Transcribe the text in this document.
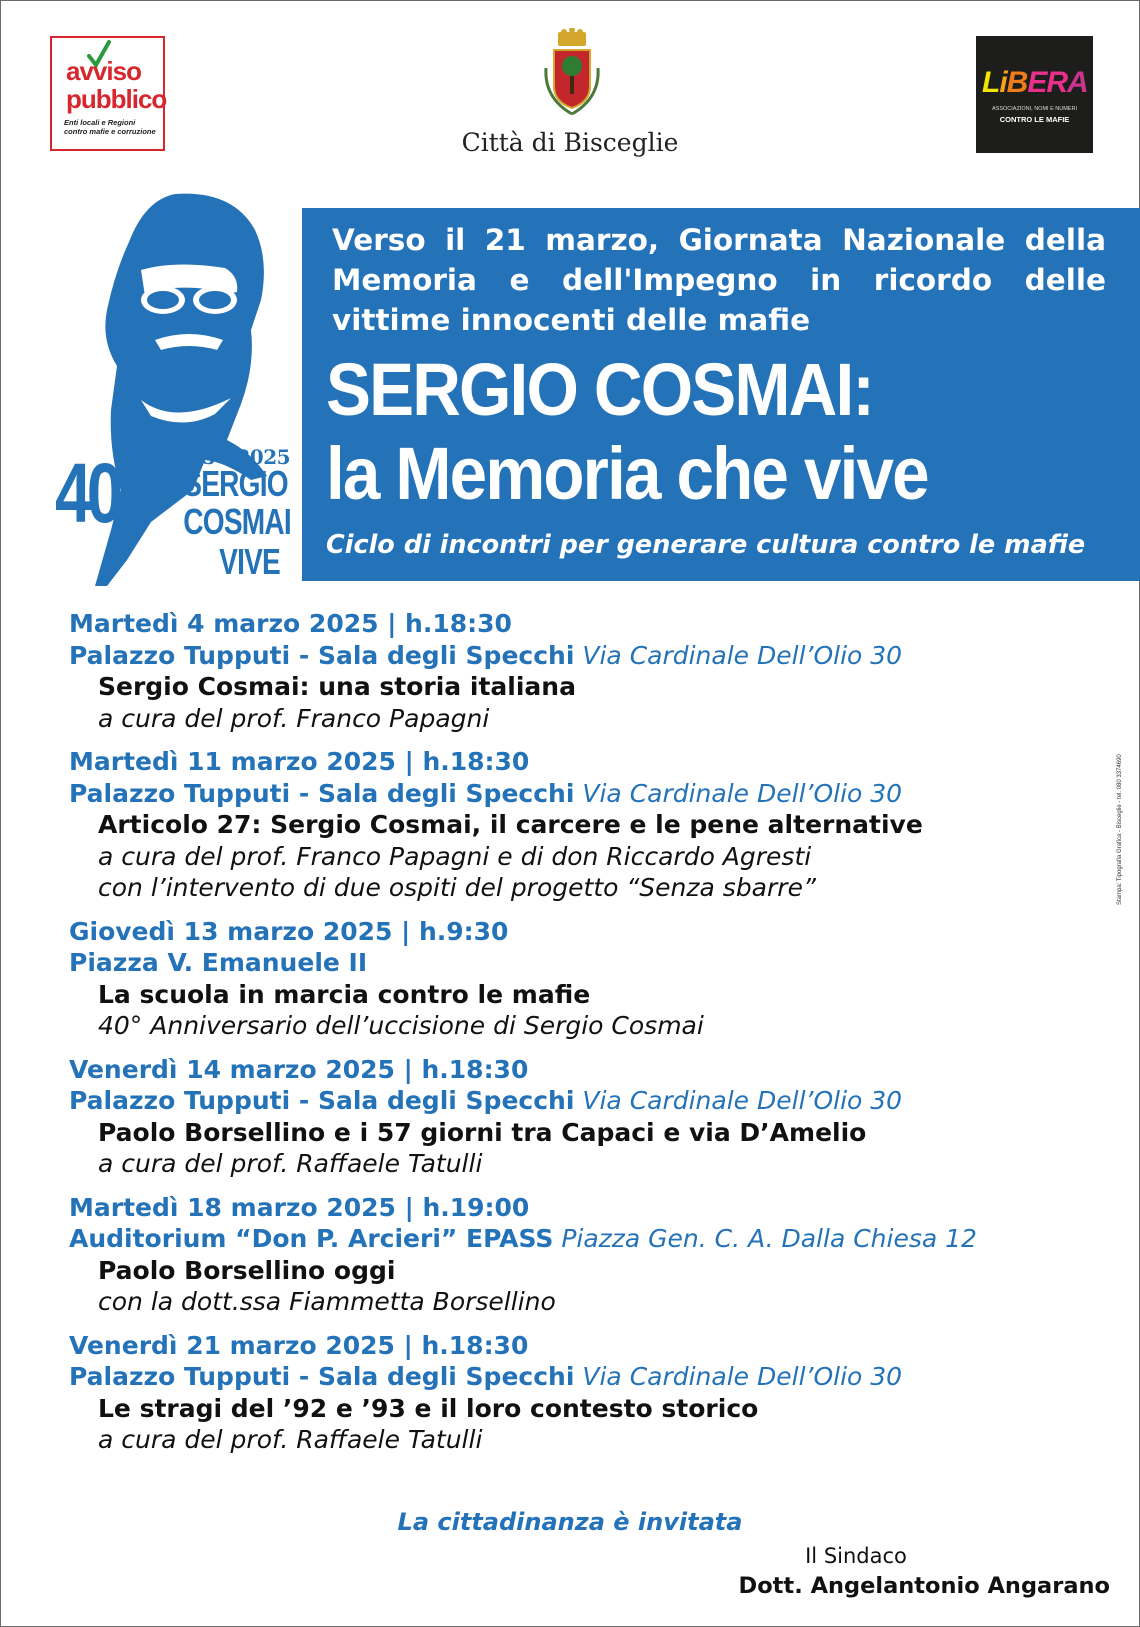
avviso
pubblico
Enti locali e Regioni contro mafie e corruzione	Città di Bisceglie
LiBERA
ASSOCIAZIONI, NOMI E NUMERI
CONTRO LE MAFIE
° 1985 - 2025
40 SERGIO
COSMAI
VIVE
Verso il 21 marzo, Giornata Nazionale della Memoria e dell'Impegno in ricordo delle vittime innocenti delle mafie
SERGIO COSMAI:
la Memoria che vive
Ciclo di incontri per generare cultura contro le mafie
Martedì 4 marzo 2025 | h.18:30
Palazzo Tupputi - Sala degli Specchi Via Cardinale Dell’Olio 30
Sergio Cosmai: una storia italiana
a cura del prof. Franco Papagni
Martedì 11 marzo 2025 | h.18:30
Palazzo Tupputi - Sala degli Specchi Via Cardinale Dell’Olio 30
Articolo 27: Sergio Cosmai, il carcere e le pene alternative
a cura del prof. Franco Papagni e di don Riccardo Agresti
con l’intervento di due ospiti del progetto “Senza sbarre”
Giovedì 13 marzo 2025 | h.9:30
Piazza V. Emanuele II
La scuola in marcia contro le mafie
40° Anniversario dell’uccisione di Sergio Cosmai
Venerdì 14 marzo 2025 | h.18:30
Palazzo Tupputi - Sala degli Specchi Via Cardinale Dell’Olio 30
Paolo Borsellino e i 57 giorni tra Capaci e via D’Amelio
a cura del prof. Raffaele Tatulli
Martedì 18 marzo 2025 | h.19:00
Auditorium “Don P. Arcieri” EPASS Piazza Gen. C. A. Dalla Chiesa 12
Paolo Borsellino oggi
con la dott.ssa Fiammetta Borsellino
Venerdì 21 marzo 2025 | h.18:30
Palazzo Tupputi - Sala degli Specchi Via Cardinale Dell’Olio 30
Le stragi del ’92 e ’93 e il loro contesto storico
a cura del prof. Raffaele Tatulli
La cittadinanza è invitata
Il Sindaco
Dott. Angelantonio Angarano
Stampa: Tipografia Grafica - Bisceglie - tel. 080 3374690
